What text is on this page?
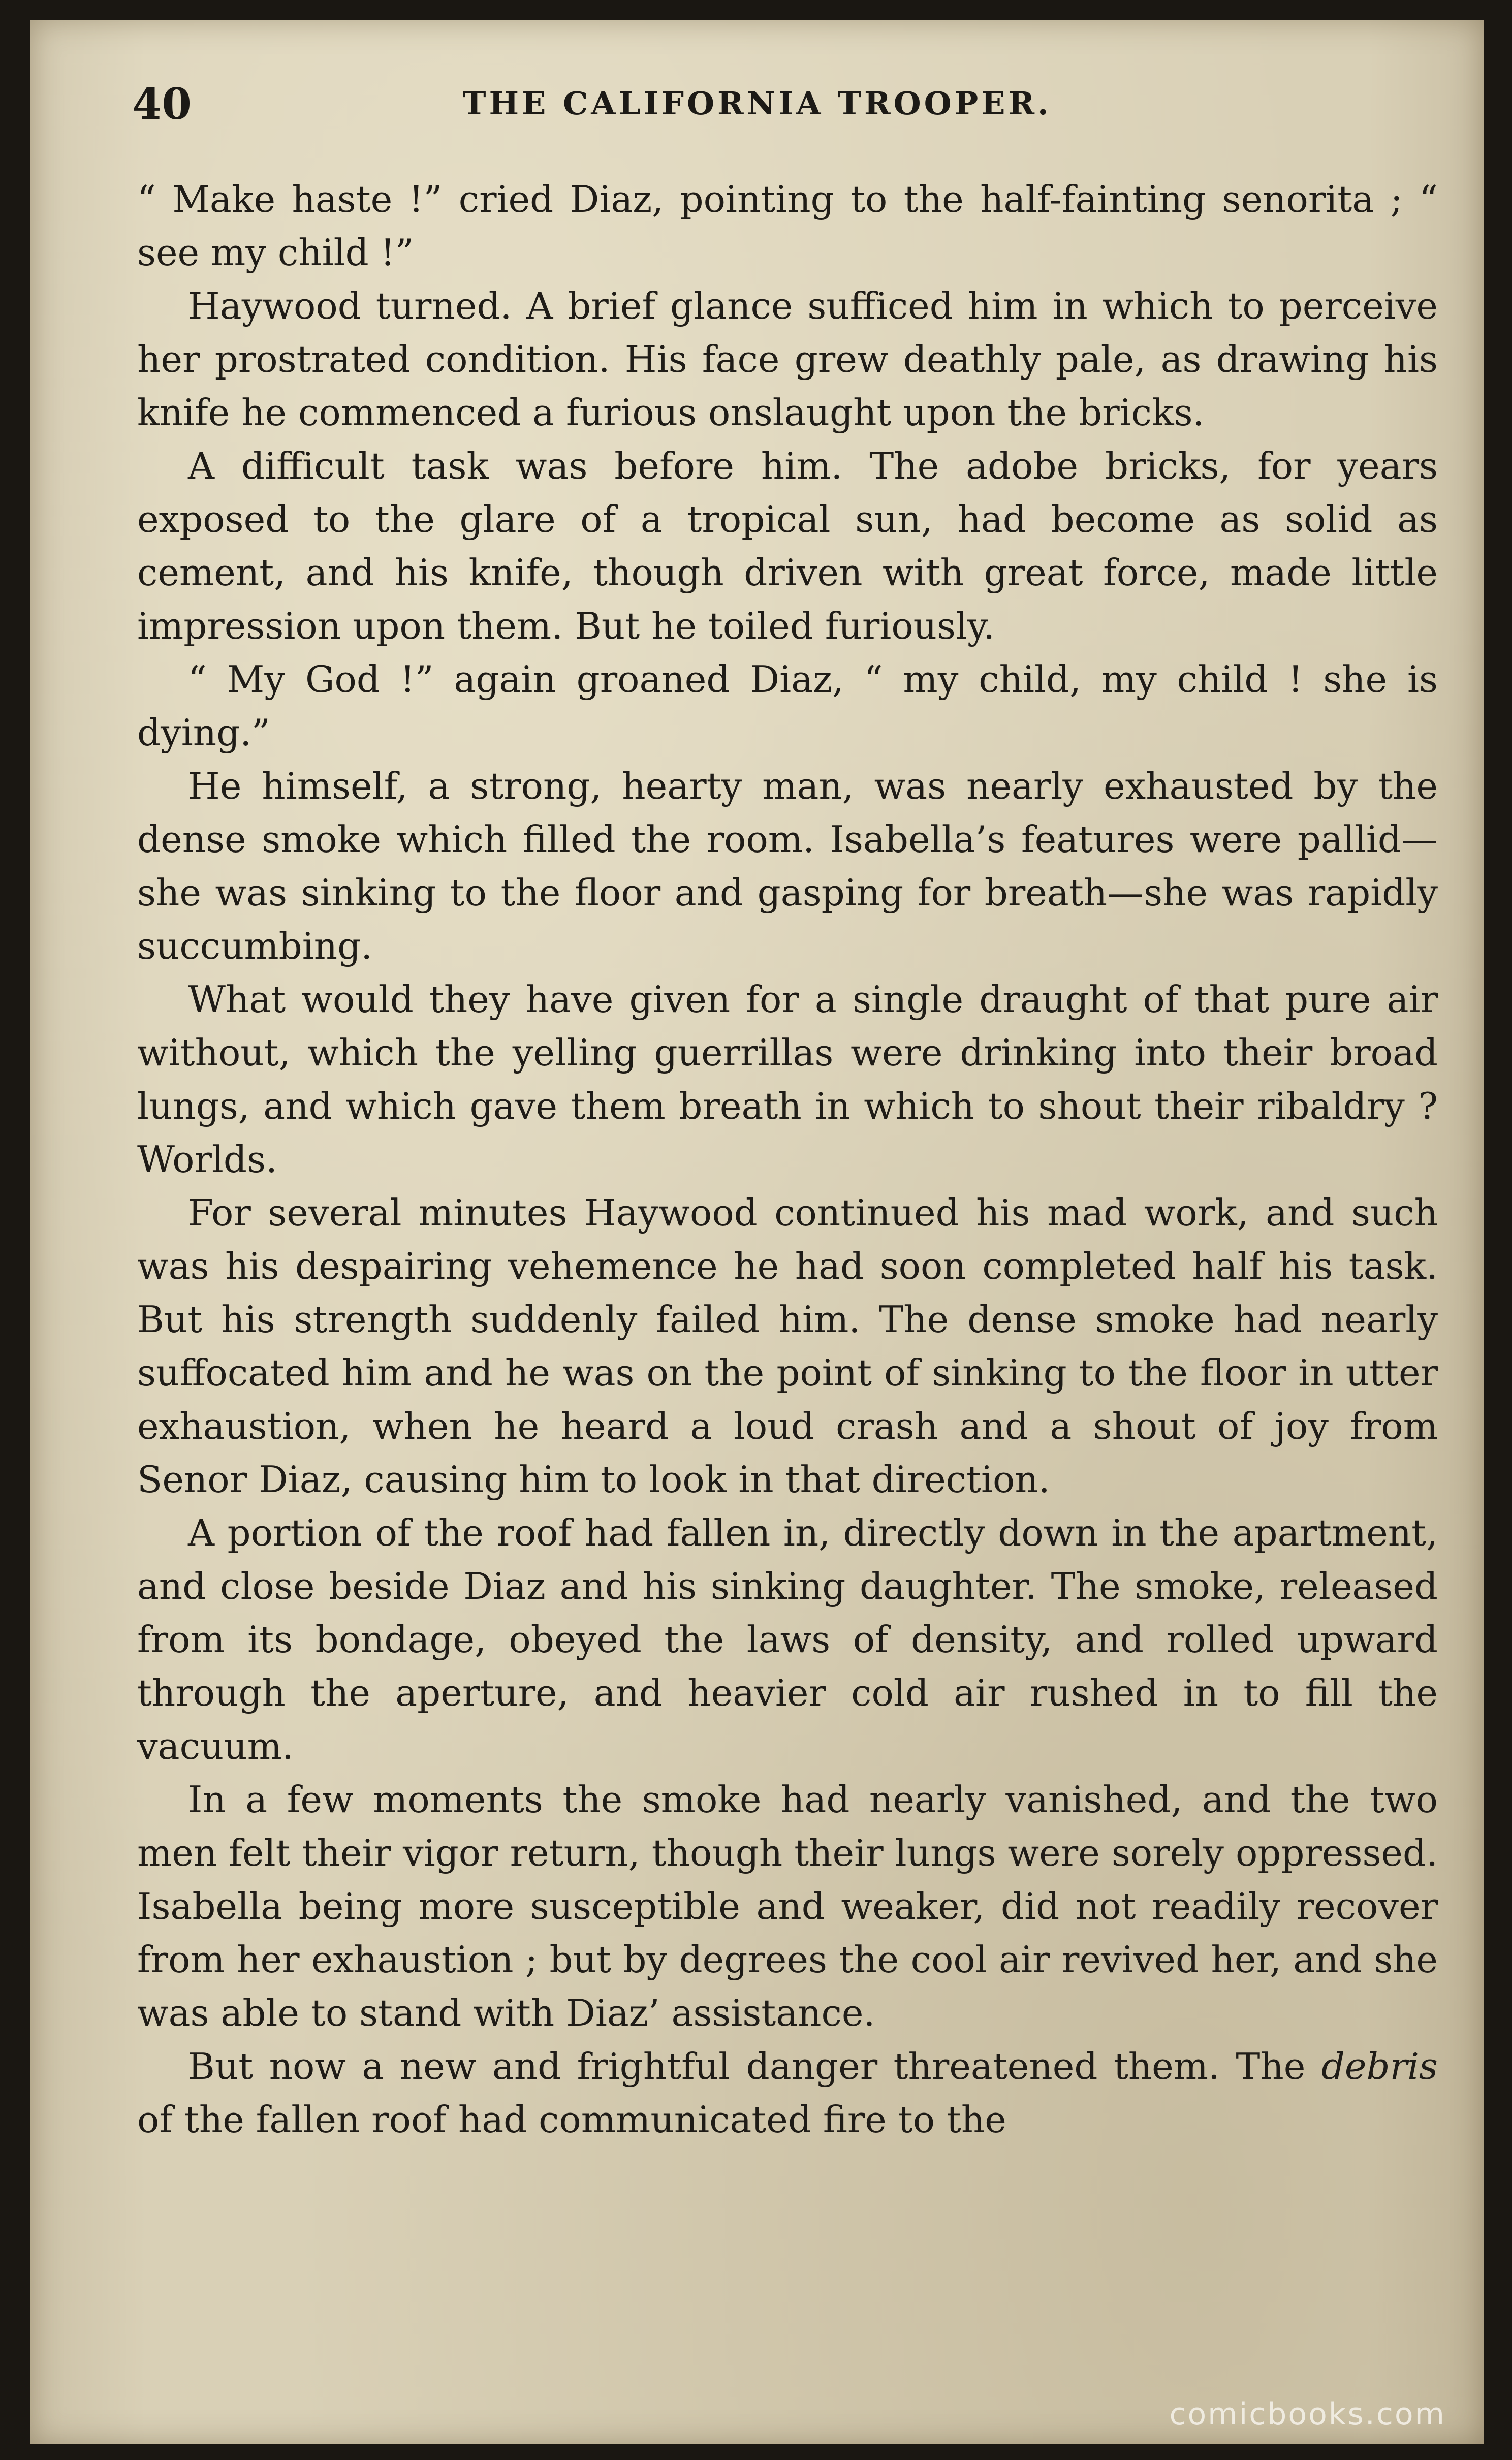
40	THE CALIFORNIA TROOPER.

“ Make haste !” cried Diaz, pointing to the half-fainting senorita ; “ see my child !”

Haywood turned. A brief glance sufficed him in which to perceive her prostrated condition. His face grew deathly pale, as drawing his knife he commenced a furious onslaught upon the bricks.

A difficult task was before him. The adobe bricks, for years exposed to the glare of a tropical sun, had become as solid as cement, and his knife, though driven with great force, made little impression upon them. But he toiled furiously.

“ My God !” again groaned Diaz, “ my child, my child ! she is dying.”

He himself, a strong, hearty man, was nearly exhausted by the dense smoke which filled the room. Isabella’s features were pallid—she was sinking to the floor and gasping for breath—she was rapidly succumbing.

What would they have given for a single draught of that pure air without, which the yelling guerrillas were drinking into their broad lungs, and which gave them breath in which to shout their ribaldry ? Worlds.

For several minutes Haywood continued his mad work, and such was his despairing vehemence he had soon completed half his task. But his strength suddenly failed him. The dense smoke had nearly suffocated him and he was on the point of sinking to the floor in utter exhaustion, when he heard a loud crash and a shout of joy from Senor Diaz, causing him to look in that direction.

A portion of the roof had fallen in, directly down in the apartment, and close beside Diaz and his sinking daughter. The smoke, released from its bondage, obeyed the laws of density, and rolled upward through the aperture, and heavier cold air rushed in to fill the vacuum.

In a few moments the smoke had nearly vanished, and the two men felt their vigor return, though their lungs were sorely oppressed. Isabella being more susceptible and weaker, did not readily recover from her exhaustion ; but by degrees the cool air revived her, and she was able to stand with Diaz’ assistance.

But now a new and frightful danger threatened them. The debris of the fallen roof had communicated fire to the

comicbooks.com
